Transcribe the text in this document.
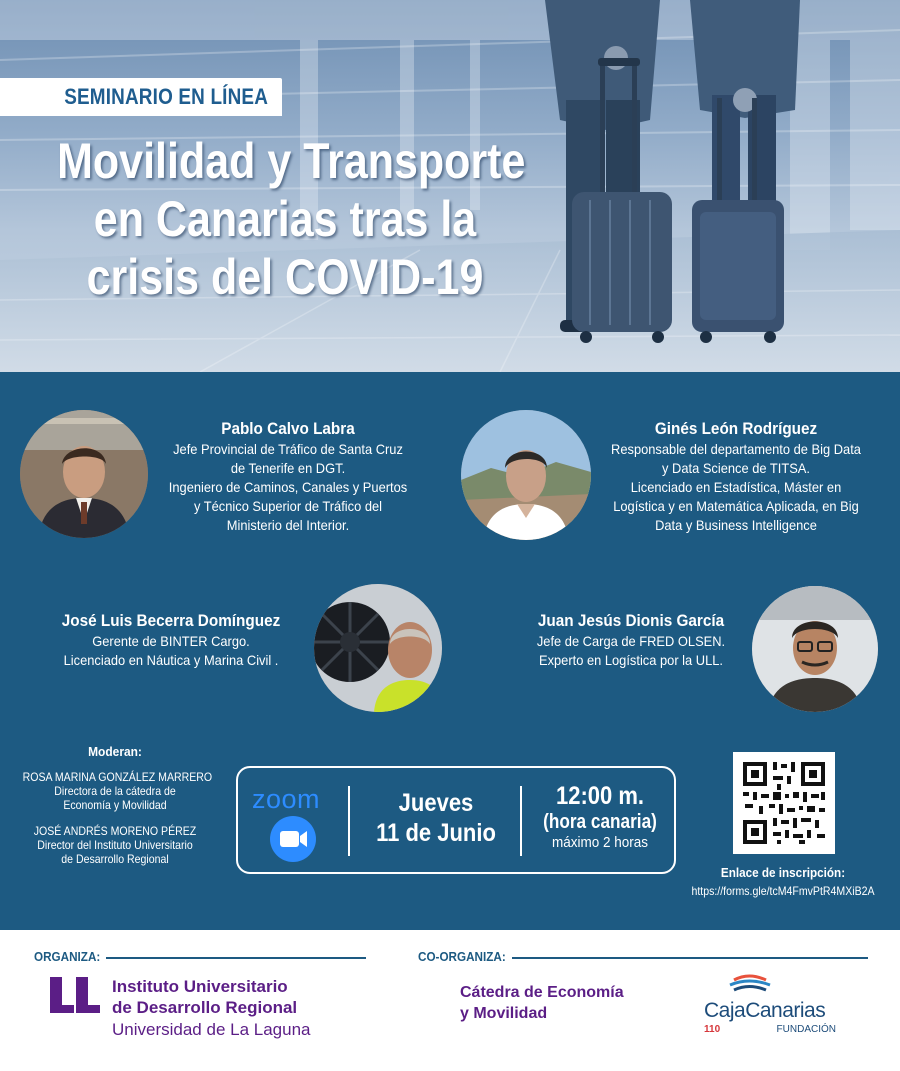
SEMINARIO EN LÍNEA
Movilidad y Transporte
en Canarias tras la
crisis del COVID-19
Pablo Calvo Labra
Jefe Provincial de Tráfico de Santa Cruz
de Tenerife en DGT.
Ingeniero de Caminos, Canales y Puertos
y Técnico Superior de Tráfico del
Ministerio del Interior.
Ginés León Rodríguez
Responsable del departamento de Big Data
y Data Science de TITSA.
Licenciado en Estadística, Máster en
Logística y en Matemática Aplicada, en Big
Data y Business Intelligence
José Luis Becerra Domínguez
Gerente de BINTER Cargo.
Licenciado en Náutica y Marina Civil .
Juan Jesús Dionis García
Jefe de Carga de FRED OLSEN.
Experto en Logística por la ULL.
Moderan:
ROSA MARINA GONZÁLEZ MARRERO
Directora de la cátedra de
Economía y Movilidad
JOSÉ ANDRÉS MORENO PÉREZ
Director del Instituto Universitario
de Desarrollo Regional
zoom	Jueves
11 de Junio
12:00 m.
(hora canaria)
máximo 2 horas
Enlace de inscripción:
https://forms.gle/tcM4FmvPtR4MXiB2A
ORGANIZA:	CO-ORGANIZA:
Instituto Universitario
de Desarrollo Regional
Universidad de La Laguna
Cátedra de Economía
y Movilidad	CajaCanarias
110	FUNDACIÓN
